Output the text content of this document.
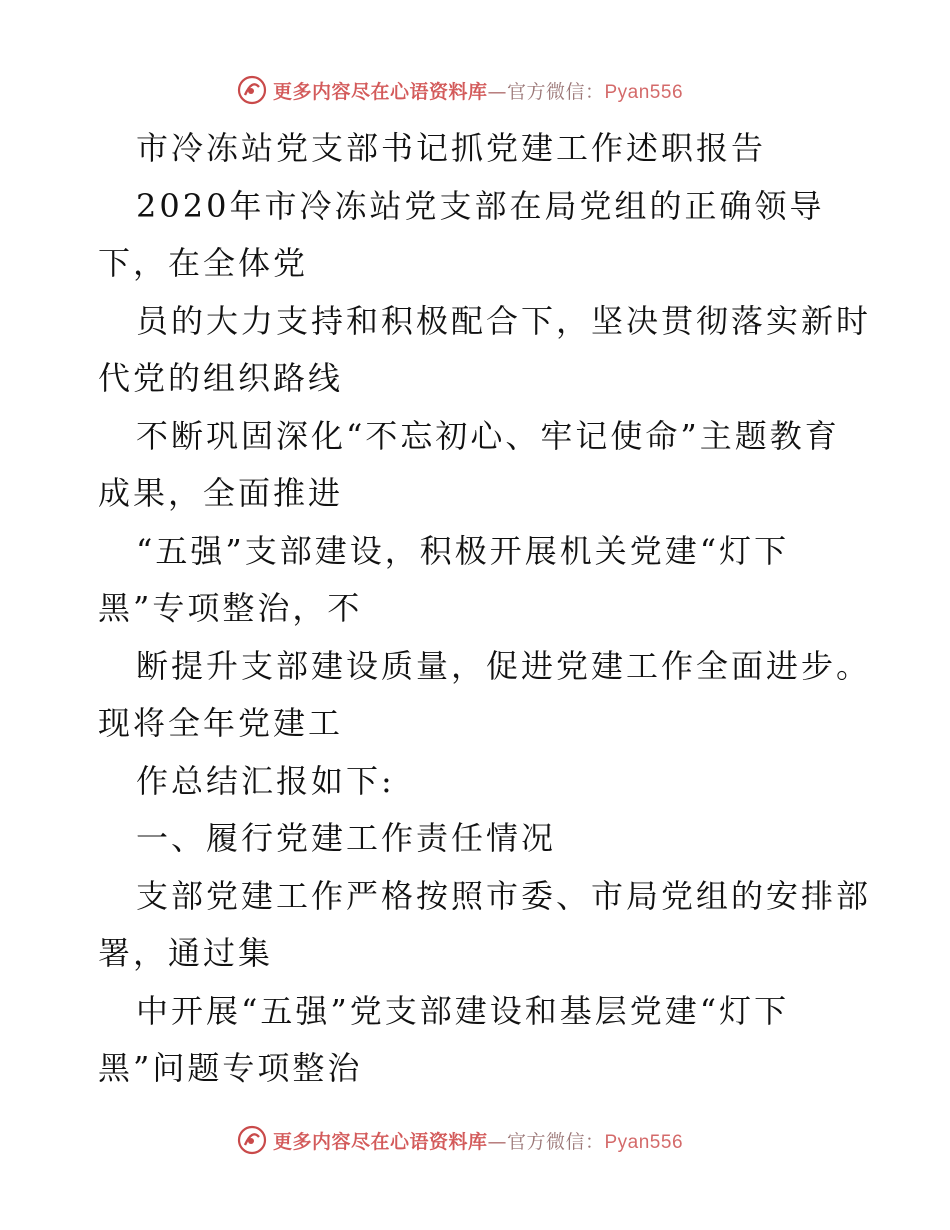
更多内容尽在心语资料库—官方微信：Pyan556
市冷冻站党支部书记抓党建工作述职报告
2020年市冷冻站党支部在局党组的正确领导
下，在全体党
员的大力支持和积极配合下，坚决贯彻落实新时
代党的组织路线
不断巩固深化“不忘初心、牢记使命”主题教育
成果，全面推进
“五强”支部建设，积极开展机关党建“灯下
黑”专项整治，不
断提升支部建设质量，促进党建工作全面进步。
现将全年党建工
作总结汇报如下:
一、履行党建工作责任情况
支部党建工作严格按照市委、市局党组的安排部
署，通过集
中开展“五强”党支部建设和基层党建“灯下
黑”问题专项整治
更多内容尽在心语资料库—官方微信：Pyan556
